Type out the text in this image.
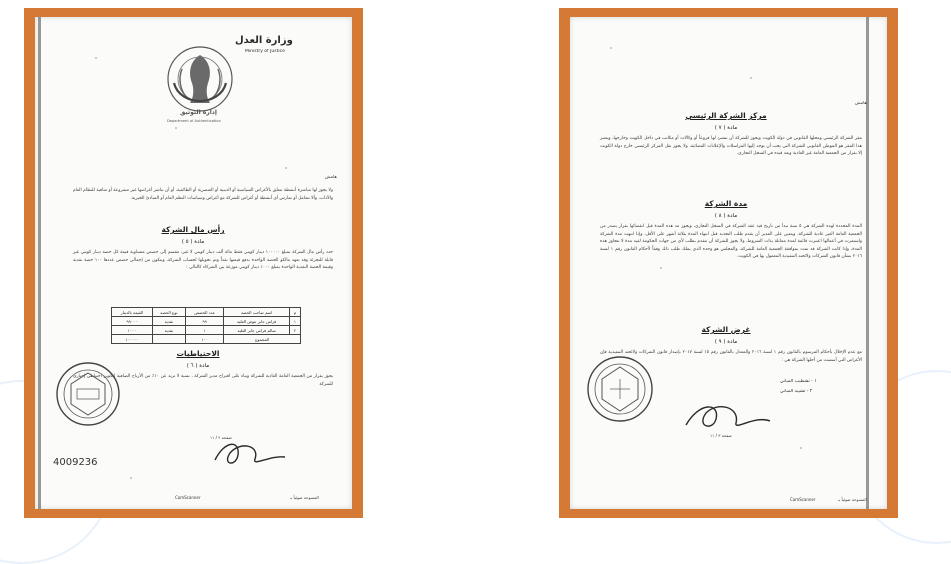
وزارة العدل
Ministry of Justice
إدارة التوثيق
Department of Authentication
هامش
ولا يجوز لها مباشرة أنشطة تتعلق بالأغراض السياسية أو الدينية أو العنصرية أو الطائفية، أو أن تباشر أغراضها غير مشروعة أو منافية للنظام العام والآداب، وألا تتعامل أو تمارس أي أنشطة أو أغراض للشركة مع أغراض وسياسات النظم العام أو المبادئ الخيرية.
رأس مال الشركة
مادة ( ٥ )
حدد رأس مال الشركة بمبلغ ١٠٠٠٠٠ دينار كويتي فقط مائة ألف دينار كويتي لا غير، مقسم إلى حصص متساوية قيمة كل حصة دينار كويتي غير قابلة للتجزئة وقد تعهد مالكو الحصة الواحدة بدفع قيمتها نقداً وتم تحويلها لحساب الشركة، ويتكون من إجمالي حصص عددها ١٠٠ حصة نقدية وقيمة الحصة النقدية الواحدة بمبلغ ١٠٠٠ دينار كويتي موزعة بين الشركاء كالتالي :
م	اسم صاحب الحصة	عدد الحصص	نوع الحصة	القيمة بالدينار
١	فراس جابر عوض العلية	٩٩	نقدية	٩٩٠٠٠
٢	سالم فراس جابر العلية	١	نقدية	١٠٠٠
المجموع		١٠٠		١٠٠٠٠٠
الاحتياطيات
مادة ( ٦ )
يجوز بقرار من الجمعية العامة العادية للشركة وبناء على اقتراح مدير الشركة ، نسبة لا تزيد عن ١٠٪ من الأرباح الصافية لتكوين احتياطي إجباري للشركة
صفحة ٢ / ١١
4009236
CamScanner	المسوحة ضوئياً بـ
هامش
مركز الشركة الرئيسي
مادة ( ٧ )
مقر الشركة الرئيسي ومحلها القانوني في دولة الكويت ويجوز للشركة أن تنشئ لها فروعاً أو وكالات أو مكاتب في داخل الكويت وخارجها، ويعتبر هذا المقر هو الموطن القانوني للشركة التي يجب أن توجه إليها المراسلات والإعلانات القضائية، ولا يجوز نقل المركز الرئيسي خارج دولة الكويت إلا بقرار من الجمعية العامة غير العادية وبعد قيده في السجل التجاري.
مدة الشركة
مادة ( ٨ )
المدة المحددة لهذه الشركة هي ٥ سنة تبدأ من تاريخ قيد عقد الشركة في السجل التجاري، ويجوز مد هذه المدة قبل انقضائها بقرار يصدر من الجمعية العامة الغير عادية للشركة، ويتعين على المدير أن يقدم طلب التجديد قبل انتهاء المدة بثلاثة أشهر على الأقل، وإذا انتهت مدة الشركة واستمرت في أعمالها اعتبرت قائمة لمدة مماثلة بذات الشروط، ولا يجوز للشركة أن تتقدم بطلب لأي من جهات الحكومة لقيد مدة لا تتجاوز هذه المدة، وإذا كانت الشركة قد تمت بموافقة الجمعية العامة للشركة، والمجلس هو وحده الذي يملك طلب ذلك وفقاً لأحكام القانون رقم ١ لسنة ٢٠١٦ بشأن قانون الشركات ولائحته التنفيذية المعمول بها في الكويت.
غرض الشركة
مادة ( ٩ )
مع عدم الإخلال بأحكام المرسوم بالقانون رقم ١ لسنة ٢٠١٦ والمعدل بالقانون رقم ١٥ لسنة ٢٠١٧ بإصدار قانون الشركات ولائحته التنفيذية فإن الأغراض التي أسست من أجلها الشركة هي :
١ - تشطيب المباني
٢ - تشييد المباني
صفحة ٣ / ١١
CamScanner	المسوحة ضوئياً بـ
